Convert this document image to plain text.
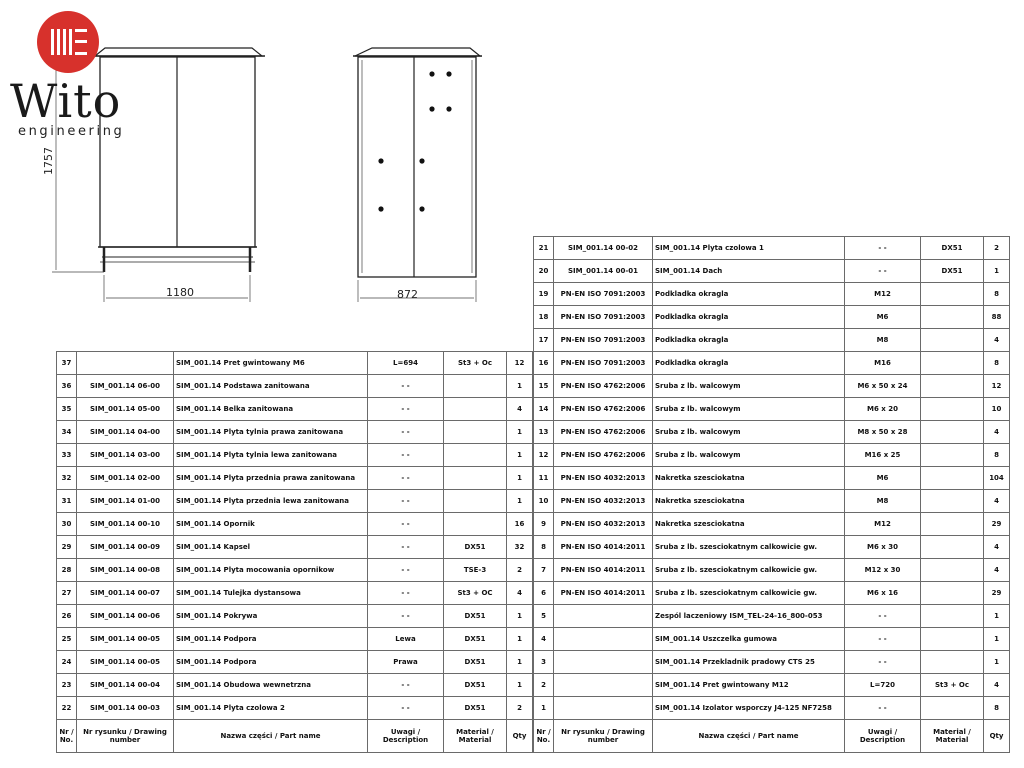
1757
1180	872
Wito
engineering
37		SIM_001.14 Pret gwintowany M6	L=694	St3 + Oc	12
36	SIM_001.14 06-00	SIM_001.14 Podstawa zanitowana	- -		1
35	SIM_001.14 05-00	SIM_001.14 Belka zanitowana	- -		4
34	SIM_001.14 04-00	SIM_001.14 Plyta tylnia prawa zanitowana	- -		1
33	SIM_001.14 03-00	SIM_001.14 Plyta tylnia lewa zanitowana	- -		1
32	SIM_001.14 02-00	SIM_001.14 Plyta przednia prawa zanitowana	- -		1
31	SIM_001.14 01-00	SIM_001.14 Plyta przednia lewa zanitowana	- -		1
30	SIM_001.14 00-10	SIM_001.14 Opornik	- -		16
29	SIM_001.14 00-09	SIM_001.14 Kapsel	- -	DX51	32
28	SIM_001.14 00-08	SIM_001.14 Plyta mocowania opornikow	- -	TSE-3	2
27	SIM_001.14 00-07	SIM_001.14 Tulejka dystansowa	- -	St3 + OC	4
26	SIM_001.14 00-06	SIM_001.14 Pokrywa	- -	DX51	1
25	SIM_001.14 00-05	SIM_001.14 Podpora	Lewa	DX51	1
24	SIM_001.14 00-05	SIM_001.14 Podpora	Prawa	DX51	1
23	SIM_001.14 00-04	SIM_001.14 Obudowa wewnetrzna	- -	DX51	1
22	SIM_001.14 00-03	SIM_001.14 Plyta czolowa 2	- -	DX51	2
Nr / No.	Nr rysunku / Drawing number	Nazwa części / Part name	Uwagi / Description	Material / Material	Qty
21	SIM_001.14 00-02	SIM_001.14 Plyta czolowa 1	- -	DX51	2
20	SIM_001.14 00-01	SIM_001.14 Dach	- -	DX51	1
19	PN-EN ISO 7091:2003	Podkladka okragla	M12		8
18	PN-EN ISO 7091:2003	Podkladka okragla	M6		88
17	PN-EN ISO 7091:2003	Podkladka okragla	M8		4
16	PN-EN ISO 7091:2003	Podkladka okragla	M16		8
15	PN-EN ISO 4762:2006	Sruba z lb. walcowym	M6 x 50 x 24		12
14	PN-EN ISO 4762:2006	Sruba z lb. walcowym	M6 x 20		10
13	PN-EN ISO 4762:2006	Sruba z lb. walcowym	M8 x 50 x 28		4
12	PN-EN ISO 4762:2006	Sruba z lb. walcowym	M16 x 25		8
11	PN-EN ISO 4032:2013	Nakretka szesciokatna	M6		104
10	PN-EN ISO 4032:2013	Nakretka szesciokatna	M8		4
9	PN-EN ISO 4032:2013	Nakretka szesciokatna	M12		29
8	PN-EN ISO 4014:2011	Sruba z lb. szesciokatnym calkowicie gw.	M6 x 30		4
7	PN-EN ISO 4014:2011	Sruba z lb. szesciokatnym calkowicie gw.	M12 x 30		4
6	PN-EN ISO 4014:2011	Sruba z lb. szesciokatnym calkowicie gw.	M6 x 16		29
5		Zespól laczeniowy ISM_TEL-24-16_800-053	- -		1
4		SIM_001.14 Uszczelka gumowa	- -		1
3		SIM_001.14 Przekladnik pradowy CTS 25	- -		1
2		SIM_001.14 Pret gwintowany M12	L=720	St3 + Oc	4
1		SIM_001.14 Izolator wsporczy J4-125 NF7258	- -		8
Nr / No.	Nr rysunku / Drawing number	Nazwa części / Part name	Uwagi / Description	Material / Material	Qty
